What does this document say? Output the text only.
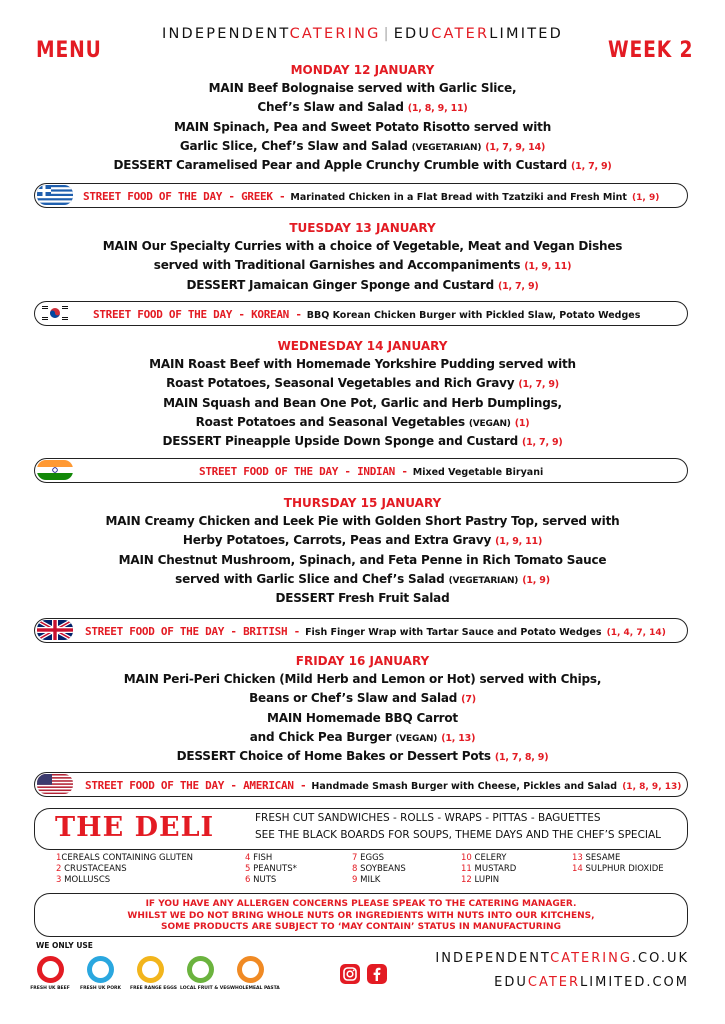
MENU	WEEK 2
INDEPENDENTCATERING | EDUCATERLIMITED
MONDAY 12 JANUARY
MAIN Beef Bolognaise served with Garlic Slice,
Chef’s Slaw and Salad (1, 8, 9, 11)
MAIN Spinach, Pea and Sweet Potato Risotto served with
Garlic Slice, Chef’s Slaw and Salad (VEGETARIAN) (1, 7, 9, 14)
DESSERT Caramelised Pear and Apple Crunchy Crumble with Custard (1, 7, 9)
STREET FOOD OF THE DAY - GREEK - Marinated Chicken in a Flat Bread with Tzatziki and Fresh Mint (1, 9)
TUESDAY 13 JANUARY
MAIN Our Specialty Curries with a choice of Vegetable, Meat and Vegan Dishes
served with Traditional Garnishes and Accompaniments (1, 9, 11)
DESSERT Jamaican Ginger Sponge and Custard (1, 7, 9)
STREET FOOD OF THE DAY - KOREAN - BBQ Korean Chicken Burger with Pickled Slaw, Potato Wedges
WEDNESDAY 14 JANUARY
MAIN Roast Beef with Homemade Yorkshire Pudding served with
Roast Potatoes, Seasonal Vegetables and Rich Gravy (1, 7, 9)
MAIN Squash and Bean One Pot, Garlic and Herb Dumplings,
Roast Potatoes and Seasonal Vegetables (VEGAN) (1)
DESSERT Pineapple Upside Down Sponge and Custard (1, 7, 9)
STREET FOOD OF THE DAY - INDIAN - Mixed Vegetable Biryani
THURSDAY 15 JANUARY
MAIN Creamy Chicken and Leek Pie with Golden Short Pastry Top, served with
Herby Potatoes, Carrots, Peas and Extra Gravy (1, 9, 11)
MAIN Chestnut Mushroom, Spinach, and Feta Penne in Rich Tomato Sauce
served with Garlic Slice and Chef’s Salad (VEGETARIAN) (1, 9)
DESSERT Fresh Fruit Salad
STREET FOOD OF THE DAY - BRITISH - Fish Finger Wrap with Tartar Sauce and Potato Wedges (1, 4, 7, 14)
FRIDAY 16 JANUARY
MAIN Peri-Peri Chicken (Mild Herb and Lemon or Hot) served with Chips,
Beans or Chef’s Slaw and Salad (7)
MAIN Homemade BBQ Carrot
and Chick Pea Burger (VEGAN) (1, 13)
DESSERT Choice of Home Bakes or Dessert Pots (1, 7, 8, 9)
STREET FOOD OF THE DAY - AMERICAN - Handmade Smash Burger with Cheese, Pickles and Salad (1, 8, 9, 13)
THE DELI	FRESH CUT SANDWICHES - ROLLS - WRAPS - PITTAS - BAGUETTES
SEE THE BLACK BOARDS FOR SOUPS, THEME DAYS AND THE CHEF’S SPECIAL
1CEREALS CONTAINING GLUTEN
2 CRUSTACEANS
3 MOLLUSCS
4 FISH
5 PEANUTS*
6 NUTS
7 EGGS
8 SOYBEANS
9 MILK
10 CELERY
11 MUSTARD
12 LUPIN
13 SESAME
14 SULPHUR DIOXIDE
IF YOU HAVE ANY ALLERGEN CONCERNS PLEASE SPEAK TO THE CATERING MANAGER.
WHILST WE DO NOT BRING WHOLE NUTS OR INGREDIENTS WITH NUTS INTO OUR KITCHENS,
SOME PRODUCTS ARE SUBJECT TO ‘MAY CONTAIN’ STATUS IN MANUFACTURING
WE ONLY USE
FRESH UK BEEF FRESH UK PORK FREE RANGE EGGS LOCAL FRUIT & VEG WHOLEMEAL PASTA
INDEPENDENTCATERING.CO.UK
EDUCATERLIMITED.COM
